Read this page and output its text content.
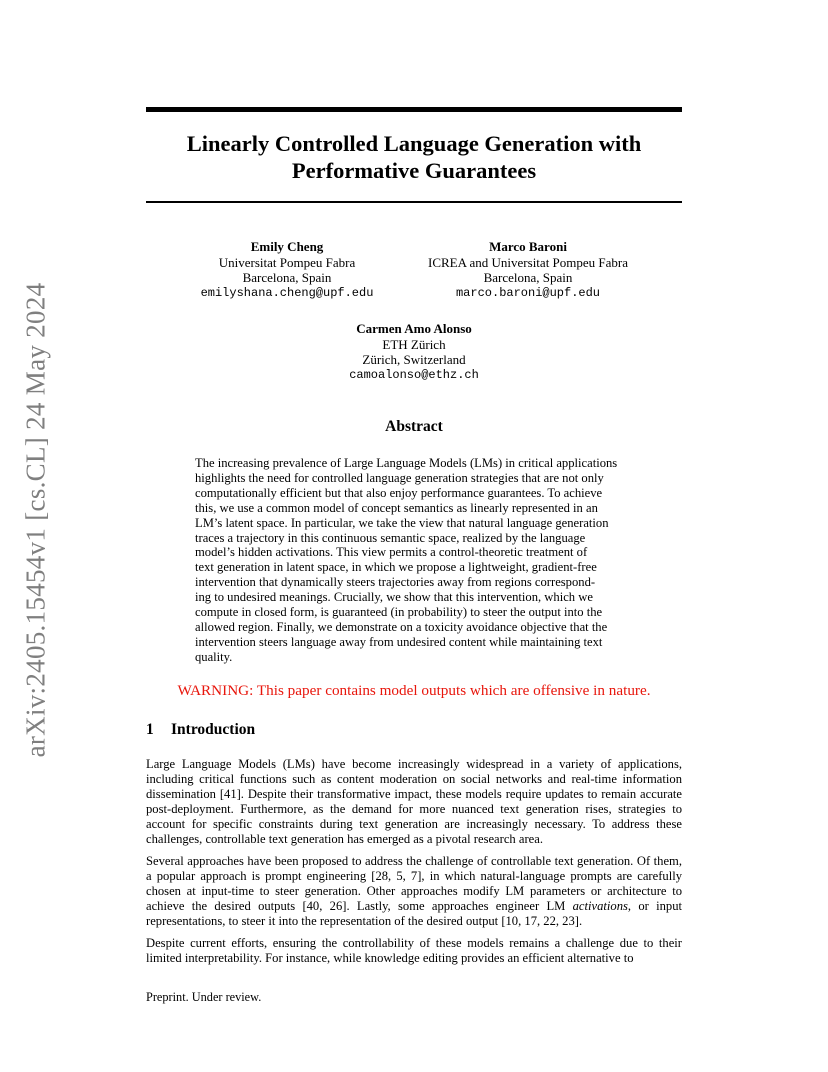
arXiv:2405.15454v1 [cs.CL] 24 May 2024
Linearly Controlled Language Generation with
Performative Guarantees
Emily Cheng
Universitat Pompeu Fabra
Barcelona, Spain
emilyshana.cheng@upf.edu
Marco Baroni
ICREA and Universitat Pompeu Fabra
Barcelona, Spain
marco.baroni@upf.edu
Carmen Amo Alonso
ETH Zürich
Zürich, Switzerland
camoalonso@ethz.ch
Abstract
The increasing prevalence of Large Language Models (LMs) in critical applications
highlights the need for controlled language generation strategies that are not only
computationally efficient but that also enjoy performance guarantees. To achieve
this, we use a common model of concept semantics as linearly represented in an
LM’s latent space. In particular, we take the view that natural language generation
traces a trajectory in this continuous semantic space, realized by the language
model’s hidden activations. This view permits a control-theoretic treatment of
text generation in latent space, in which we propose a lightweight, gradient-free
intervention that dynamically steers trajectories away from regions correspond-
ing to undesired meanings. Crucially, we show that this intervention, which we
compute in closed form, is guaranteed (in probability) to steer the output into the
allowed region. Finally, we demonstrate on a toxicity avoidance objective that the
intervention steers language away from undesired content while maintaining text
quality.
WARNING: This paper contains model outputs which are offensive in nature.
1 Introduction

Large Language Models (LMs) have become increasingly widespread in a variety of applications, including critical functions such as content moderation on social networks and real-time information dissemination [41]. Despite their transformative impact, these models require updates to remain accurate post-deployment. Furthermore, as the demand for more nuanced text generation rises, strategies to account for specific constraints during text generation are increasingly necessary. To address these challenges, controllable text generation has emerged as a pivotal research area.

Several approaches have been proposed to address the challenge of controllable text generation. Of them, a popular approach is prompt engineering [28, 5, 7], in which natural-language prompts are carefully chosen at input-time to steer generation. Other approaches modify LM parameters or architecture to achieve the desired outputs [40, 26]. Lastly, some approaches engineer LM activations, or input representations, to steer it into the representation of the desired output [10, 17, 22, 23].

Despite current efforts, ensuring the controllability of these models remains a challenge due to their limited interpretability. For instance, while knowledge editing provides an efficient alternative to

Preprint. Under review.
